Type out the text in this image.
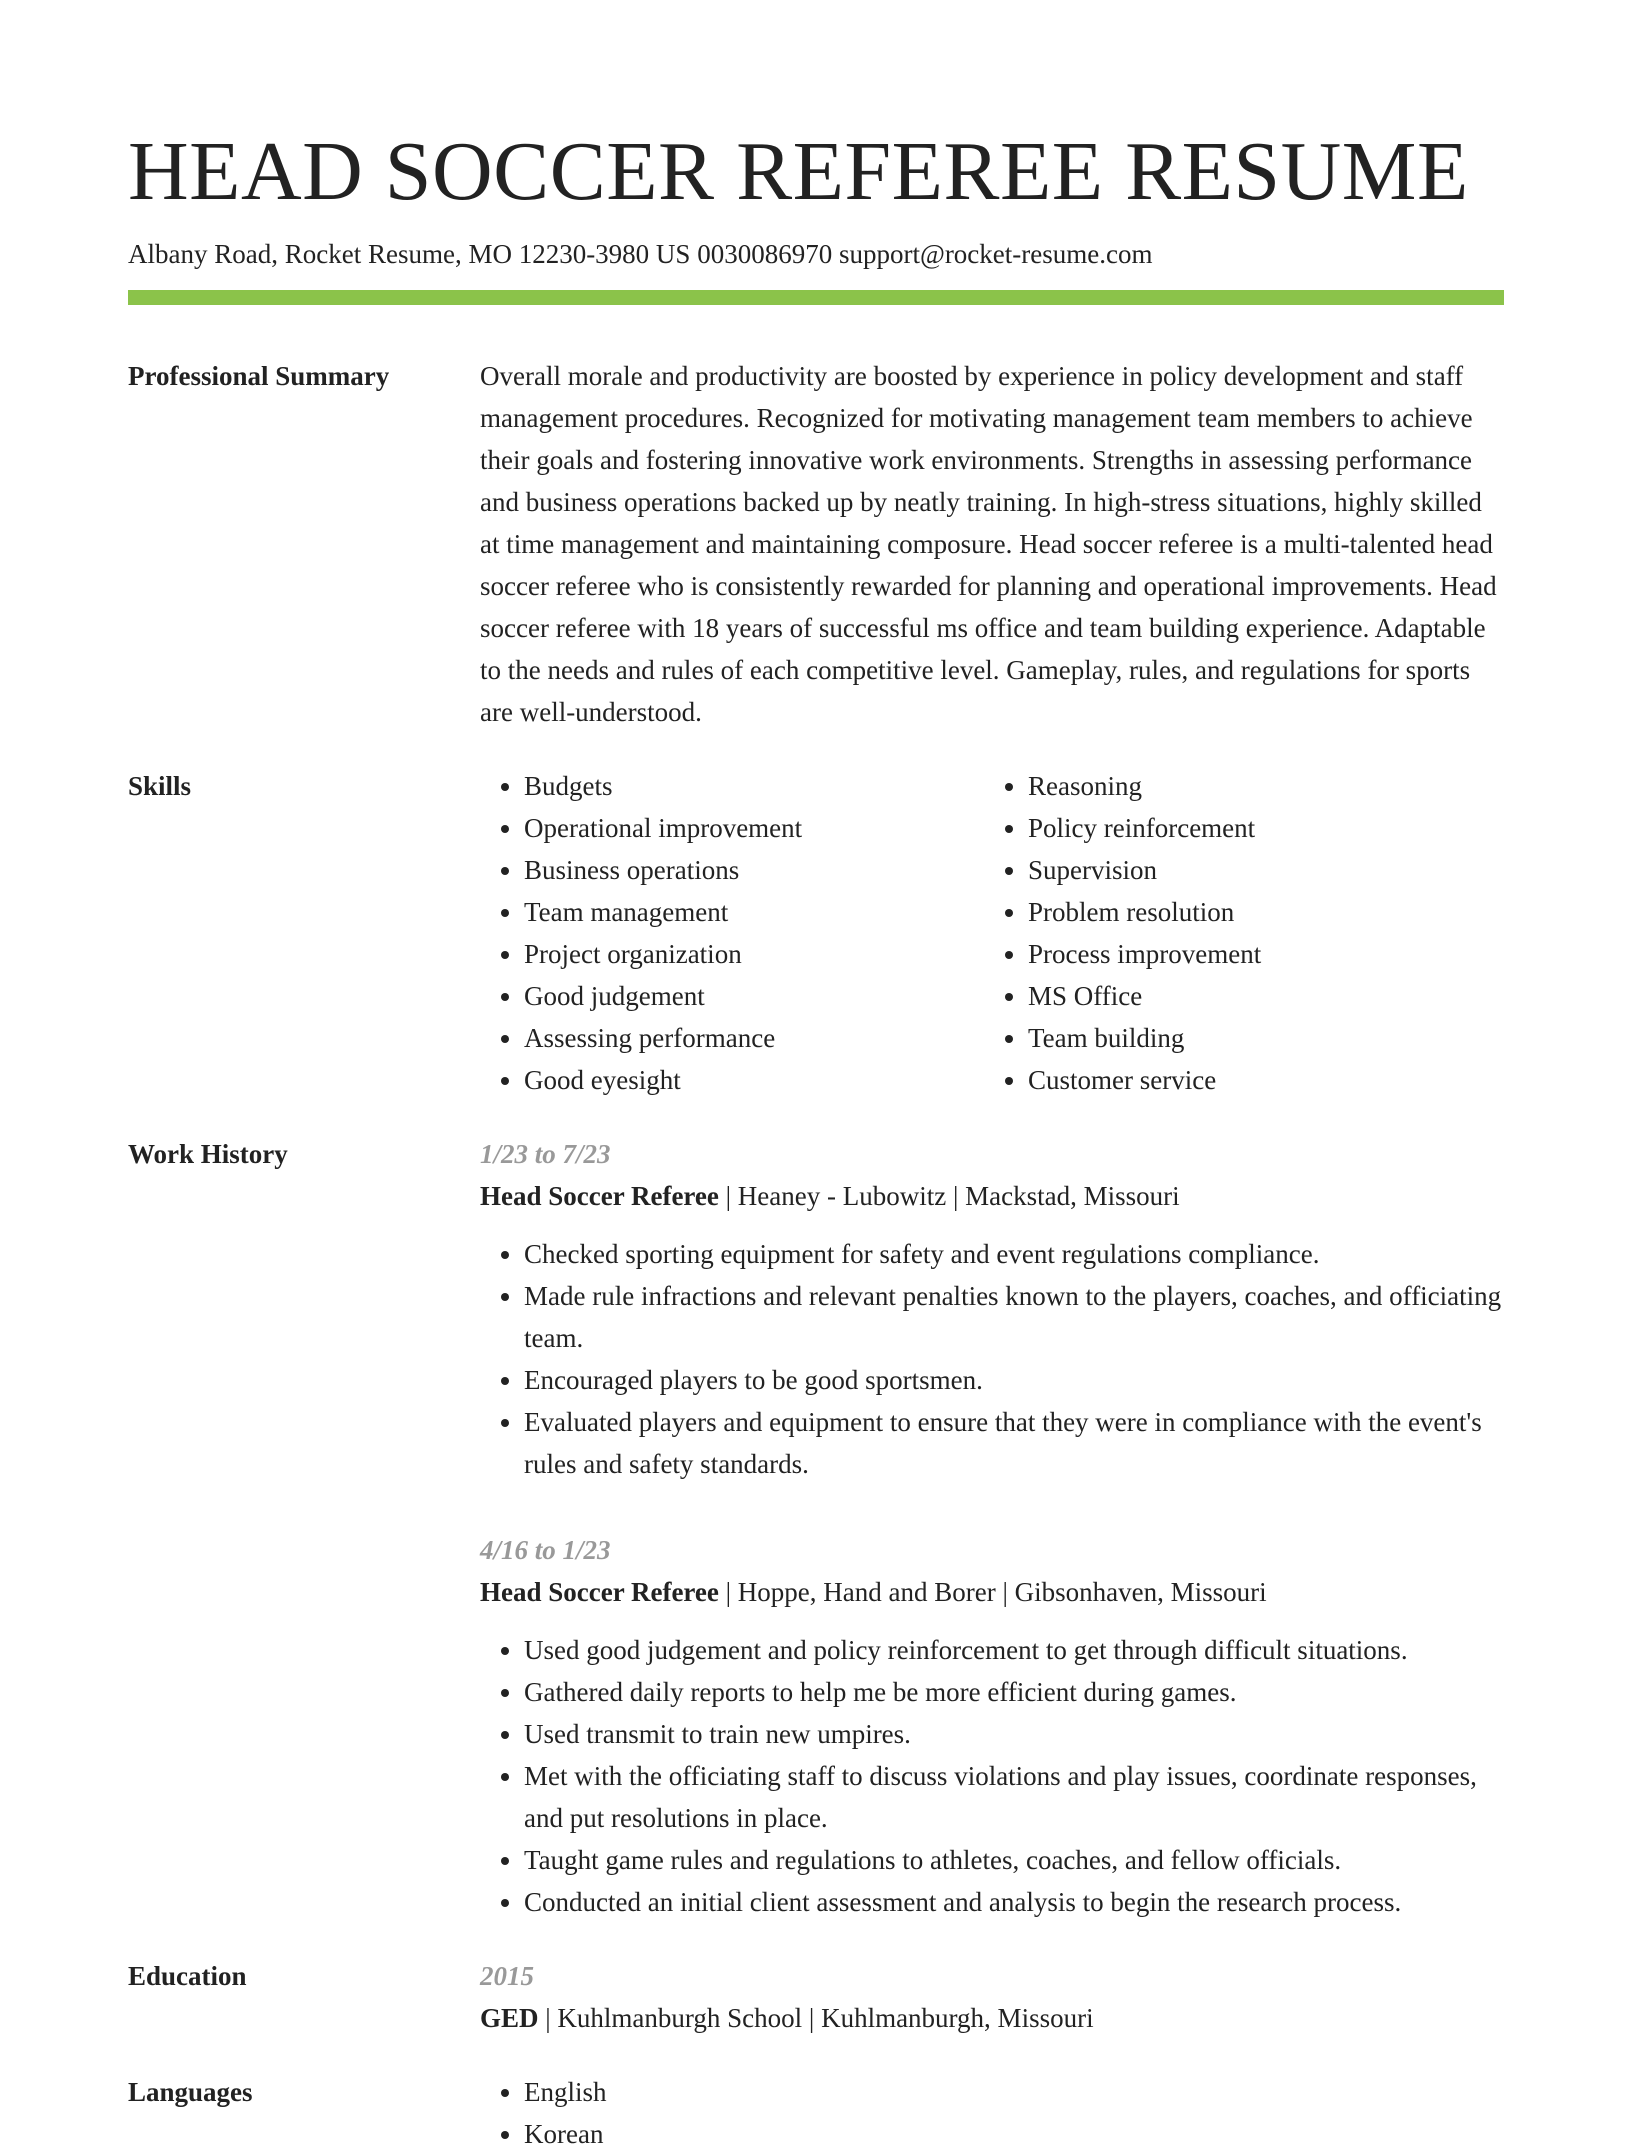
HEAD SOCCER REFEREE RESUME
Albany Road, Rocket Resume, MO 12230-3980 US 0030086970 support@rocket-resume.com
Professional Summary	Overall morale and productivity are boosted by experience in policy development and staff management procedures. Recognized for motivating management team members to achieve their goals and fostering innovative work environments. Strengths in assessing performance and business operations backed up by neatly training. In high-stress situations, highly skilled at time management and maintaining composure. Head soccer referee is a multi-talented head soccer referee who is consistently rewarded for planning and operational improvements. Head soccer referee with 18 years of successful ms office and team building experience. Adaptable to the needs and rules of each competitive level. Gameplay, rules, and regulations for sports are well-understood.

Skills	• Budgets
• Operational improvement
• Business operations
• Team management
• Project organization
• Good judgement
• Assessing performance
• Good eyesight
• Reasoning
• Policy reinforcement
• Supervision
• Problem resolution
• Process improvement
• MS Office
• Team building
• Customer service
Work History	1/23 to 7/23
Head Soccer Referee | Heaney - Lubowitz | Mackstad, Missouri
• Checked sporting equipment for safety and event regulations compliance.
• Made rule infractions and relevant penalties known to the players, coaches, and officiating team.
• Encouraged players to be good sportsmen.
• Evaluated players and equipment to ensure that they were in compliance with the event's rules and safety standards.
4/16 to 1/23
Head Soccer Referee | Hoppe, Hand and Borer | Gibsonhaven, Missouri
• Used good judgement and policy reinforcement to get through difficult situations.
• Gathered daily reports to help me be more efficient during games.
• Used transmit to train new umpires.
• Met with the officiating staff to discuss violations and play issues, coordinate responses, and put resolutions in place.
• Taught game rules and regulations to athletes, coaches, and fellow officials.
• Conducted an initial client assessment and analysis to begin the research process.
Education	2015
GED | Kuhlmanburgh School | Kuhlmanburgh, Missouri
Languages	• English
• Korean
